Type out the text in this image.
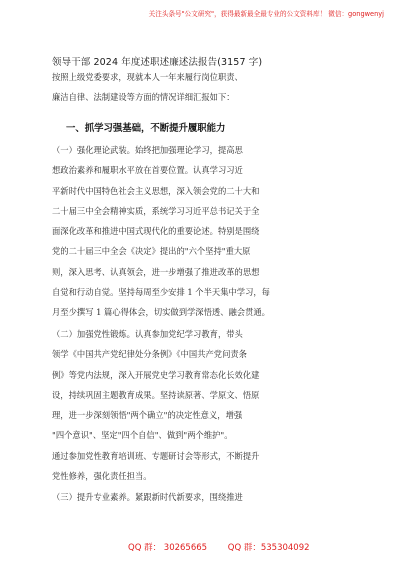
关注头条号"公文研究"，获得最新最全最专业的公文资料库！ 微信：gongwenyj
领导干部 2024 年度述职述廉述法报告(3157 字)
按照上级党委要求，现就本人一年来履行岗位职责、
廉洁自律、法制建设等方面的情况详细汇报如下：
一、抓学习强基础，不断提升履职能力
（一）强化理论武装。始终把加强理论学习，提高思
想政治素养和履职水平放在首要位置。认真学习习近
平新时代中国特色社会主义思想，深入领会党的二十大和
二十届三中全会精神实质，系统学习习近平总书记关于全
面深化改革和推进中国式现代化的重要论述。特别是围绕
党的二十届三中全会《决定》提出的"六个坚持"重大原
则，深入思考、认真领会，进一步增强了推进改革的思想
自觉和行动自觉。坚持每周至少安排 1 个半天集中学习，每
月至少撰写 1 篇心得体会，切实做到学深悟透、融会贯通。
（二）加强党性锻炼。认真参加党纪学习教育，带头
领学《中国共产党纪律处分条例》《中国共产党问责条
例》等党内法规，深入开展党史学习教育常态化长效化建
设，持续巩固主题教育成果。坚持读原著、学原文、悟原
理，进一步深刻领悟"两个确立"的决定性意义，增强
"四个意识"、坚定"四个自信"、做到"两个维护"。
通过参加党性教育培训班、专题研讨会等形式，不断提升
党性修养，强化责任担当。
（三）提升专业素养。紧跟新时代新要求，围绕推进
QQ 群： 30265665 QQ 群：535304092
